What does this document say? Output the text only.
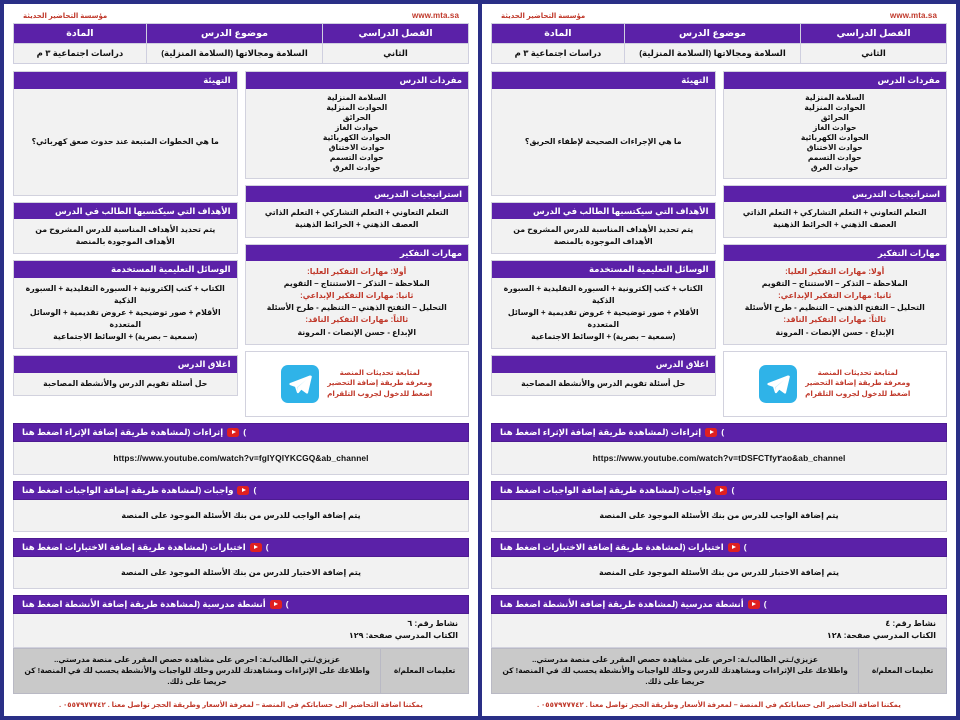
مؤسسة التحاضير الحديثة	www.mta.sa
الفصل الدراسي	موضوع الدرس	المادة
الثاني	السلامة ومجالاتها (السلامة المنزلية)	دراسات اجتماعية ٣ م
مفردات الدرس
السلامة المنزلية
الحوادث المنزلية
الحرائق
حوادث الغاز
الحوادث الكهربائية
حوادث الاختناق
حوادث التسمم
حوادث الغرق
استراتيجيات التدريس
التعلم التعاوني + التعلم التشاركي + التعلم الذاتي
العصف الذهني + الخرائط الذهنية
مهارات التفكير
أولا: مهارات التفكير العليا:
الملاحظة – التذكر – الاستنتاج – التقويم
ثانيا: مهارات التفكير الإبداعي:
التحليل – التفتح الذهني – التنظيم - طرح الأسئلة
ثالثاً: مهارات التفكير الناقد:
الإبداع - حسن الإنصات - المرونة
لمتابعة تحديثات المنصة
ومعرفة طريقة إضافة التحضير
اضغط للدخول لجروب التلقرام
التهيئة
ما هي الإجراءات الصحيحة لإطفاء الحريق؟
الأهداف التي سيكتسبها الطالب في الدرس
يتم تحديد الأهداف المناسبة للدرس المشروح من الأهداف الموجودة بالمنصة
الوسائل التعليمية المستخدمة
الكتاب + كتب إلكترونية + السبورة التقليدية + السبورة الذكية
الأقلام + صور توضيحية + عروض تقديمية + الوسائل المتعددة
(سمعية – بصرية) + الوسائط الاجتماعية
اغلاق الدرس
حل أسئلة تقويم الدرس والأنشطة المصاحبة
إثراءات (لمشاهدة طريقة إضافة الإثراء اضغط هنا )
https://www.youtube.com/watch?v=tDSFCTfy٢ao&ab_channel
واجبات (لمشاهدة طريقة إضافة الواجبات اضغط هنا )
يتم إضافة الواجب للدرس من بنك الأسئلة الموجود على المنصة
اختبارات (لمشاهدة طريقة إضافة الاختبارات اضغط هنا )
يتم إضافة الاختبار للدرس من بنك الأسئلة الموجود على المنصة
أنشطة مدرسية (لمشاهدة طريقة إضافة الأنشطة اضغط هنا )
نشاط رقم: ٤
الكتاب المدرسي صفحة: ١٢٨
تعليمات المعلم/ة	
عزيزي/ـتي الطالب/ـة: احرص على مشاهدة حصص المقرر على منصة مدرستي..
واطلاعك على الإثراءات ومشاهدتك للدرس وحلك للواجبات والأنشطة يحسب لك في المنصة! كن حريصا على ذلك.
يمكننا اضافة التحاضير الى حساباتكم في المنصة – لمعرفة الأسعار وطريقة الحجز تواصل معنا . ٠٥٥٧٩٧٧٧٤٢ .
مؤسسة التحاضير الحديثة	www.mta.sa
الفصل الدراسي	موضوع الدرس	المادة
الثاني	السلامة ومجالاتها (السلامة المنزلية)	دراسات اجتماعية ٣ م
مفردات الدرس
السلامة المنزلية
الحوادث المنزلية
الحرائق
حوادث الغاز
الحوادث الكهربائية
حوادث الاختناق
حوادث التسمم
حوادث الغرق
استراتيجيات التدريس
التعلم التعاوني + التعلم التشاركي + التعلم الذاتي
العصف الذهني + الخرائط الذهنية
مهارات التفكير
أولا: مهارات التفكير العليا:
الملاحظة – التذكر – الاستنتاج – التقويم
ثانيا: مهارات التفكير الإبداعي:
التحليل – التفتح الذهني – التنظيم - طرح الأسئلة
ثالثاً: مهارات التفكير الناقد:
الإبداع - حسن الإنصات - المرونة
لمتابعة تحديثات المنصة
ومعرفة طريقة إضافة التحضير
اضغط للدخول لجروب التلقرام
التهيئة
ما هي الخطوات المتبعة عند حدوث صعق كهربائي؟
الأهداف التي سيكتسبها الطالب في الدرس
يتم تحديد الأهداف المناسبة للدرس المشروح من الأهداف الموجودة بالمنصة
الوسائل التعليمية المستخدمة
الكتاب + كتب إلكترونية + السبورة التقليدية + السبورة الذكية
الأقلام + صور توضيحية + عروض تقديمية + الوسائل المتعددة
(سمعية – بصرية) + الوسائط الاجتماعية
اغلاق الدرس
حل أسئلة تقويم الدرس والأنشطة المصاحبة
إثراءات (لمشاهدة طريقة إضافة الإثراء اضغط هنا )
https://www.youtube.com/watch?v=fgIYQIYKCGQ&ab_channel
واجبات (لمشاهدة طريقة إضافة الواجبات اضغط هنا )
يتم إضافة الواجب للدرس من بنك الأسئلة الموجود على المنصة
اختبارات (لمشاهدة طريقة إضافة الاختبارات اضغط هنا )
يتم إضافة الاختبار للدرس من بنك الأسئلة الموجود على المنصة
أنشطة مدرسية (لمشاهدة طريقة إضافة الأنشطة اضغط هنا )
نشاط رقم: ٦
الكتاب المدرسي صفحة: ١٢٩
تعليمات المعلم/ة	
عزيزي/ـتي الطالب/ـة: احرص على مشاهدة حصص المقرر على منصة مدرستي..
واطلاعك على الإثراءات ومشاهدتك للدرس وحلك للواجبات والأنشطة يحسب لك في المنصة! كن حريصا على ذلك.
يمكننا اضافة التحاضير الى حساباتكم في المنصة – لمعرفة الأسعار وطريقة الحجز تواصل معنا . ٠٥٥٧٩٧٧٧٤٢ .
